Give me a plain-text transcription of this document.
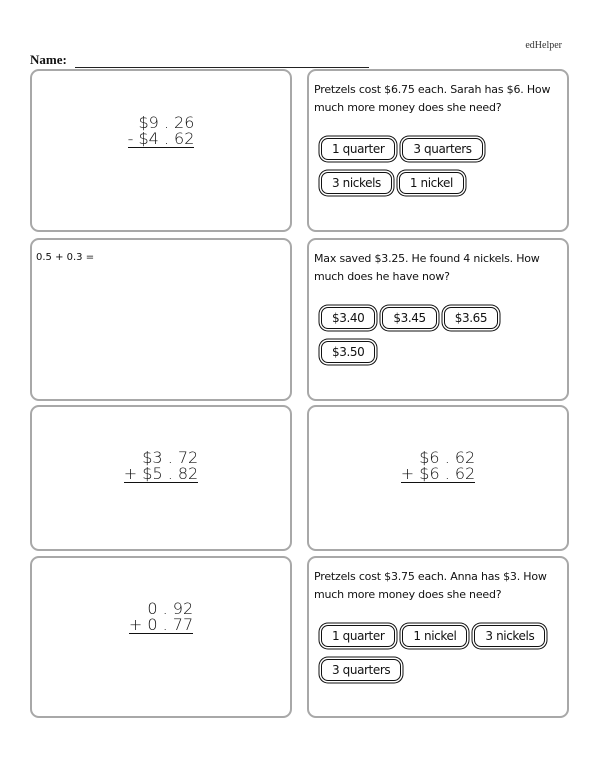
edHelper
Name:
$9 . 26
- $4 . 62
Pretzels cost $6.75 each. Sarah has $6. How much more money does she need?
1 quarter	3 quarters
3 nickels	1 nickel
0.5 + 0.3 =	Max saved $3.25. He found 4 nickels. How much does he have now?
$3.40	$3.45	$3.65
$3.50
$3 . 72
+ $5 . 82
$6 . 62
+ $6 . 62
0 . 92
+ 0 . 77
Pretzels cost $3.75 each. Anna has $3. How much more money does she need?
1 quarter	1 nickel	3 nickels
3 quarters
